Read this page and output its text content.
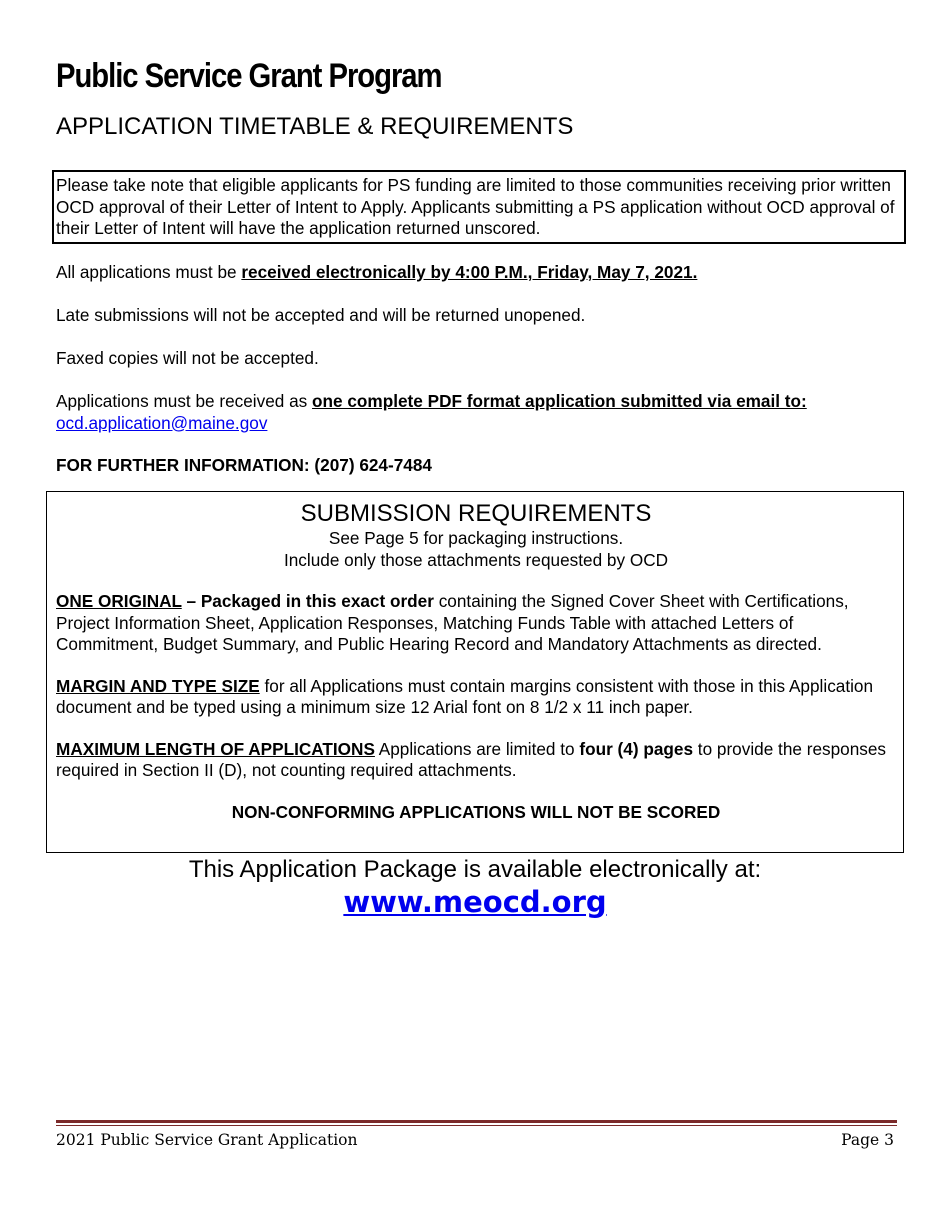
Public Service Grant Program
APPLICATION TIMETABLE & REQUIREMENTS
Please take note that eligible applicants for PS funding are limited to those communities receiving prior written OCD approval of their Letter of Intent to Apply. Applicants submitting a PS application without OCD approval of their Letter of Intent will have the application returned unscored.
All applications must be received electronically by 4:00 P.M., Friday, May 7, 2021.
Late submissions will not be accepted and will be returned unopened.
Faxed copies will not be accepted.
Applications must be received as one complete PDF format application submitted via email to:
ocd.application@maine.gov
FOR FURTHER INFORMATION: (207) 624-7484
SUBMISSION REQUIREMENTS
See Page 5 for packaging instructions.
Include only those attachments requested by OCD
ONE ORIGINAL – Packaged in this exact order containing the Signed Cover Sheet with Certifications, Project Information Sheet, Application Responses, Matching Funds Table with attached Letters of Commitment, Budget Summary, and Public Hearing Record and Mandatory Attachments as directed.
MARGIN AND TYPE SIZE for all Applications must contain margins consistent with those in this Application document and be typed using a minimum size 12 Arial font on 8 1/2 x 11 inch paper.
MAXIMUM LENGTH OF APPLICATIONS Applications are limited to four (4) pages to provide the responses required in Section II (D), not counting required attachments.
NON-CONFORMING APPLICATIONS WILL NOT BE SCORED
This Application Package is available electronically at:
www.meocd.org
2021 Public Service Grant Application	Page 3
